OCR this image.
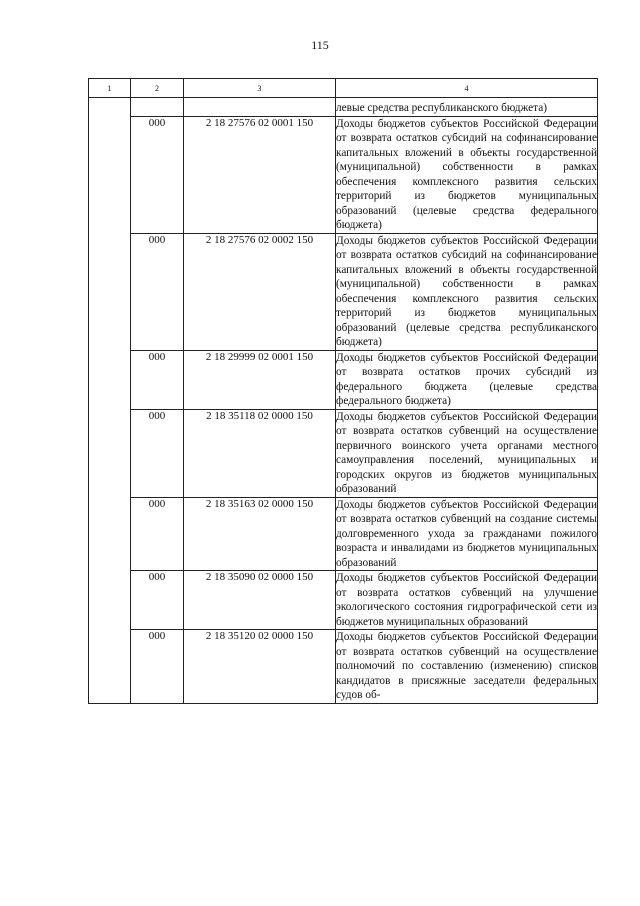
115
1	2	3	4
			левые средства республиканского бюджета)
	000	2 18 27576 02 0001 150	Доходы бюджетов субъектов Российской Федерации от возврата остатков субсидий на софинансирование капитальных вложений в объекты государственной (муниципальной) собственности в рамках обеспечения комплексного развития сельских территорий из бюджетов муниципальных образований (целевые средства федерального бюджета)
	000	2 18 27576 02 0002 150	Доходы бюджетов субъектов Российской Федерации от возврата остатков субсидий на софинансирование капитальных вложений в объекты государственной (муниципальной) собственности в рамках обеспечения комплексного развития сельских территорий из бюджетов муниципальных образований (целевые средства республиканского бюджета)
	000	2 18 29999 02 0001 150	Доходы бюджетов субъектов Российской Федерации от возврата остатков прочих субсидий из федерального бюджета (целевые средства федерального бюджета)
	000	2 18 35118 02 0000 150	Доходы бюджетов субъектов Российской Федерации от возврата остатков субвенций на осуществление первичного воинского учета органами местного самоуправления поселений, муниципальных и городских округов из бюджетов муниципальных образований
	000	2 18 35163 02 0000 150	Доходы бюджетов субъектов Российской Федерации от возврата остатков субвенций на создание системы долговременного ухода за гражданами пожилого возраста и инвалидами из бюджетов муниципальных образований
	000	2 18 35090 02 0000 150	Доходы бюджетов субъектов Российской Федерации от возврата остатков субвенций на улучшение экологического состояния гидрографической сети из бюджетов муниципальных образований
	000	2 18 35120 02 0000 150	Доходы бюджетов субъектов Российской Федерации от возврата остатков субвенций на осуществление полномочий по составлению (изменению) списков кандидатов в присяжные заседатели федеральных судов об-
